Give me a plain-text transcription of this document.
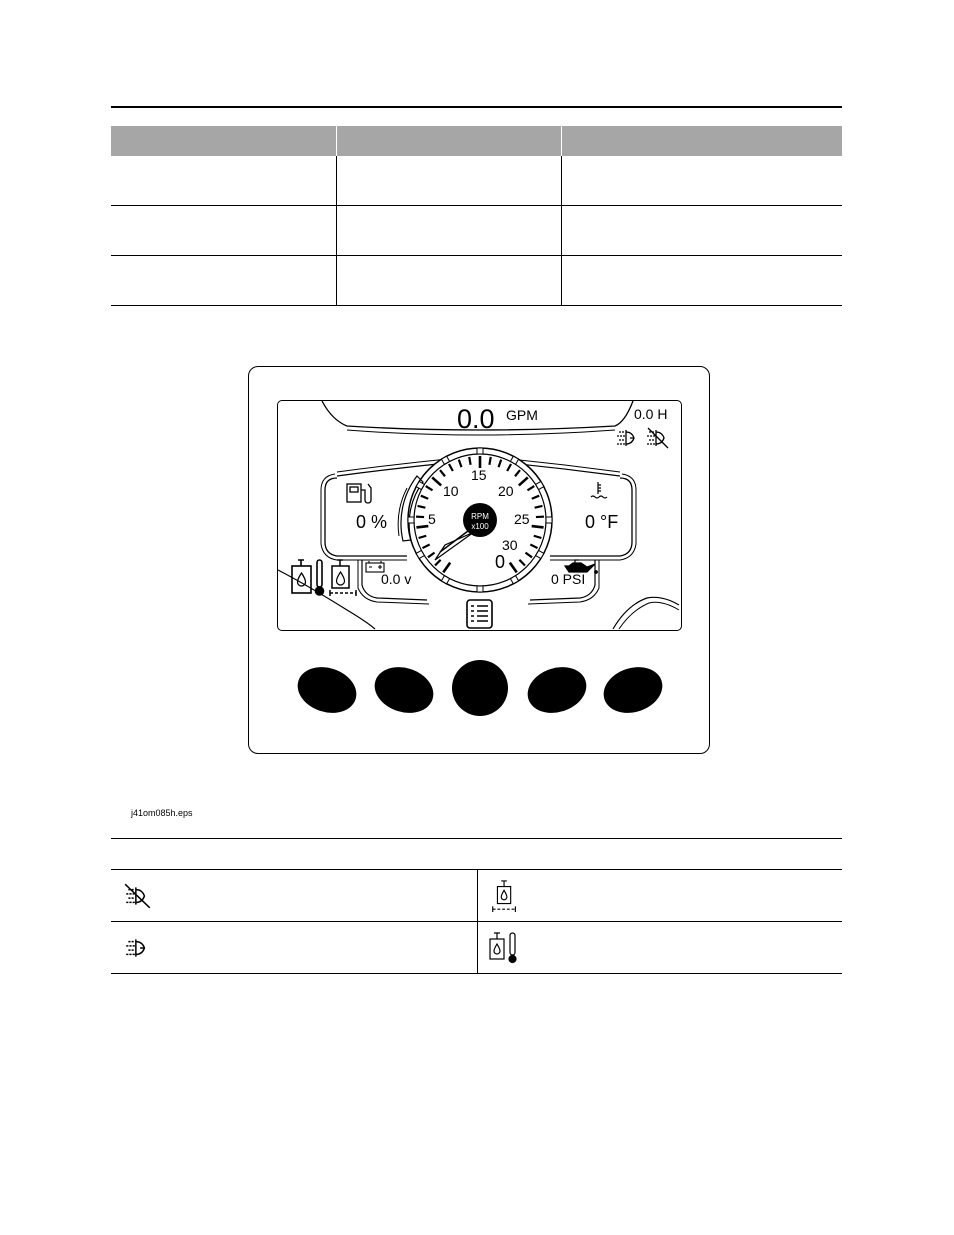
0.0 GPM	0.0 H
0 %	0 °F
0.0 v	0 PSI
15
10	20
5	25
30
0
RPM
x100
j41om085h.eps
